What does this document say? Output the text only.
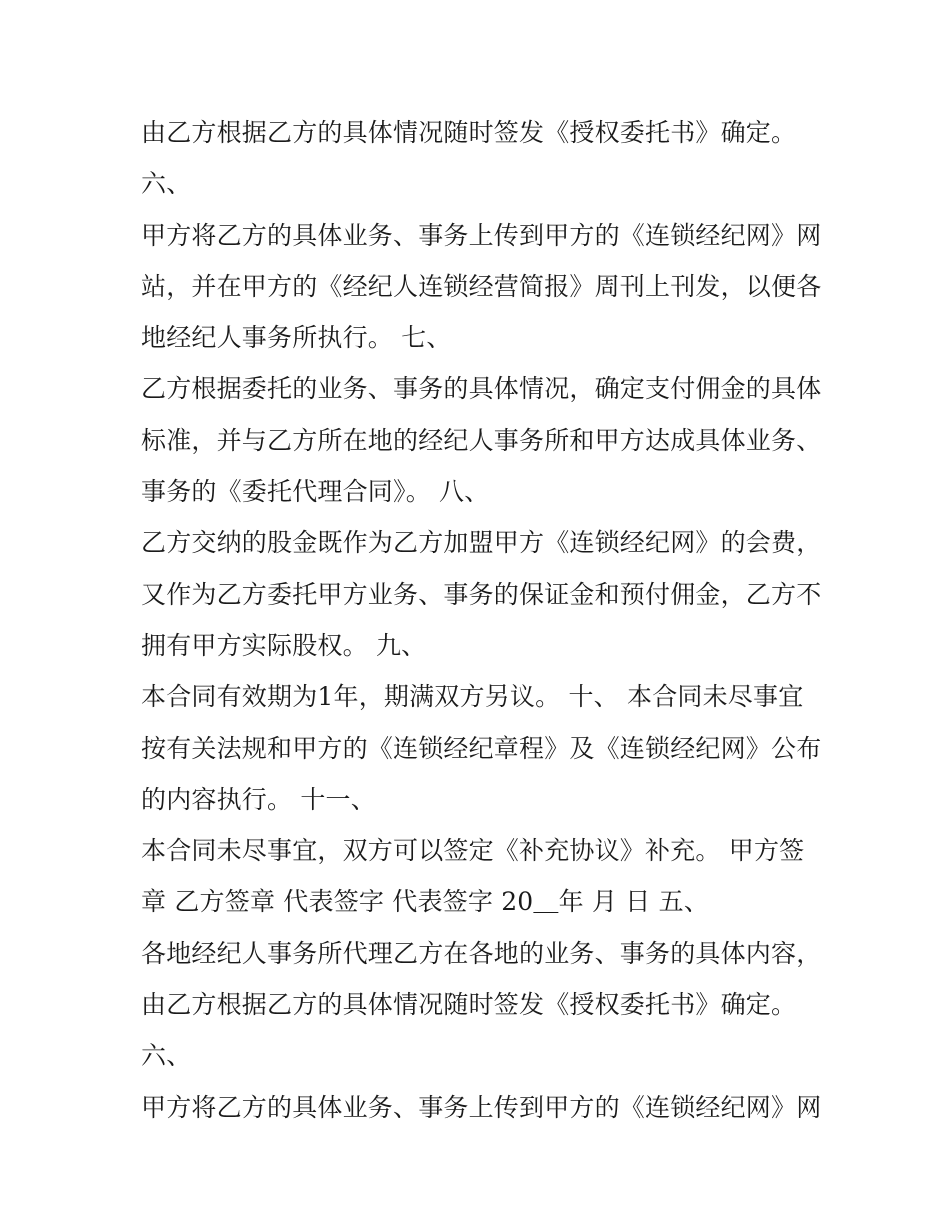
由乙方根据乙方的具体情况随时签发《授权委托书》确定。
六、
甲方将乙方的具体业务、事务上传到甲方的《连锁经纪网》网
站，并在甲方的《经纪人连锁经营简报》周刊上刊发，以便各
地经纪人事务所执行。 七、
乙方根据委托的业务、事务的具体情况，确定支付佣金的具体
标准，并与乙方所在地的经纪人事务所和甲方达成具体业务、
事务的《委托代理合同》。 八、
乙方交纳的股金既作为乙方加盟甲方《连锁经纪网》的会费，
又作为乙方委托甲方业务、事务的保证金和预付佣金，乙方不
拥有甲方实际股权。 九、
本合同有效期为1年，期满双方另议。 十、 本合同未尽事宜
按有关法规和甲方的《连锁经纪章程》及《连锁经纪网》公布
的内容执行。 十一、
本合同未尽事宜，双方可以签定《补充协议》补充。 甲方签
章 乙方签章 代表签字 代表签字 20＿年 月 日 五、
各地经纪人事务所代理乙方在各地的业务、事务的具体内容，
由乙方根据乙方的具体情况随时签发《授权委托书》确定。
六、
甲方将乙方的具体业务、事务上传到甲方的《连锁经纪网》网
